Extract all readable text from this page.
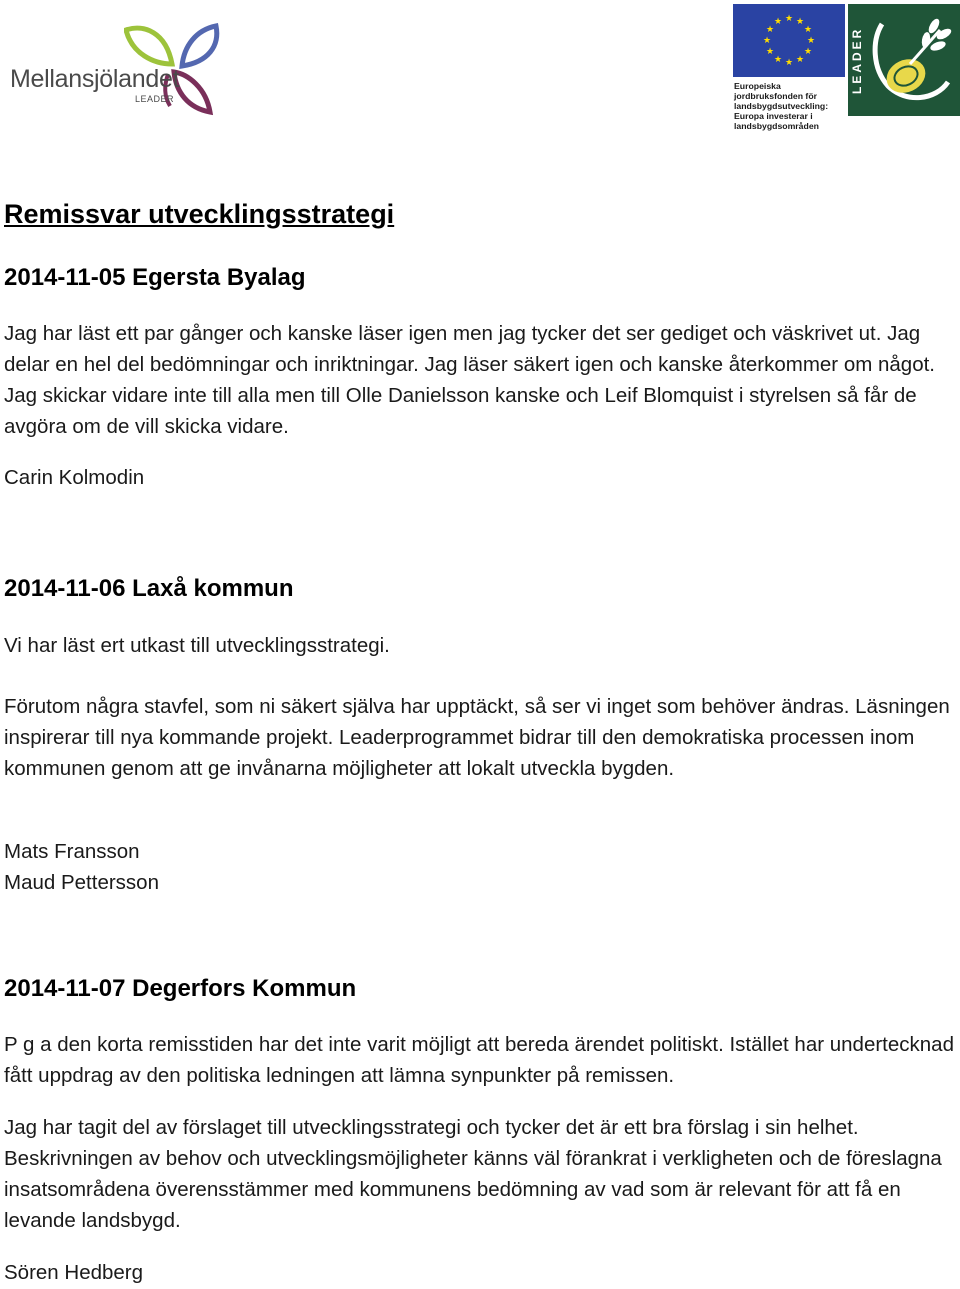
Mellansjölandet
LEADER
★ ★
★
★
★
★
★
★
★
★
★
★
Europeiska jordbruksfonden för landsbygdsutveckling: Europa investerar i landsbygdsområden
LEADER
Remissvar utvecklingsstrategi
2014-11-05 Egersta Byalag

Jag har läst ett par gånger och kanske läser igen men jag tycker det ser gediget och väskrivet ut. Jag delar en hel del bedömningar och inriktningar. Jag läser säkert igen och kanske återkommer om något. Jag skickar vidare inte till alla men till Olle Danielsson kanske och Leif Blomquist i styrelsen så får de avgöra om de vill skicka vidare.

Carin Kolmodin

2014-11-06 Laxå kommun

Vi har läst ert utkast till utvecklingsstrategi.

Förutom några stavfel, som ni säkert själva har upptäckt, så ser vi inget som behöver ändras. Läsningen inspirerar till nya kommande projekt. Leaderprogrammet bidrar till den demokratiska processen inom kommunen genom att ge invånarna möjligheter att lokalt utveckla bygden.

Mats Fransson

Maud Pettersson

2014-11-07 Degerfors Kommun

P g a den korta remisstiden har det inte varit möjligt att bereda ärendet politiskt. Istället har undertecknad fått uppdrag av den politiska ledningen att lämna synpunkter på remissen.

Jag har tagit del av förslaget till utvecklingsstrategi och tycker det är ett bra förslag i sin helhet. Beskrivningen av behov och utvecklingsmöjligheter känns väl förankrat i verkligheten och de föreslagna insatsområdena överensstämmer med kommunens bedömning av vad som är relevant för att få en levande landsbygd.

Sören Hedberg
